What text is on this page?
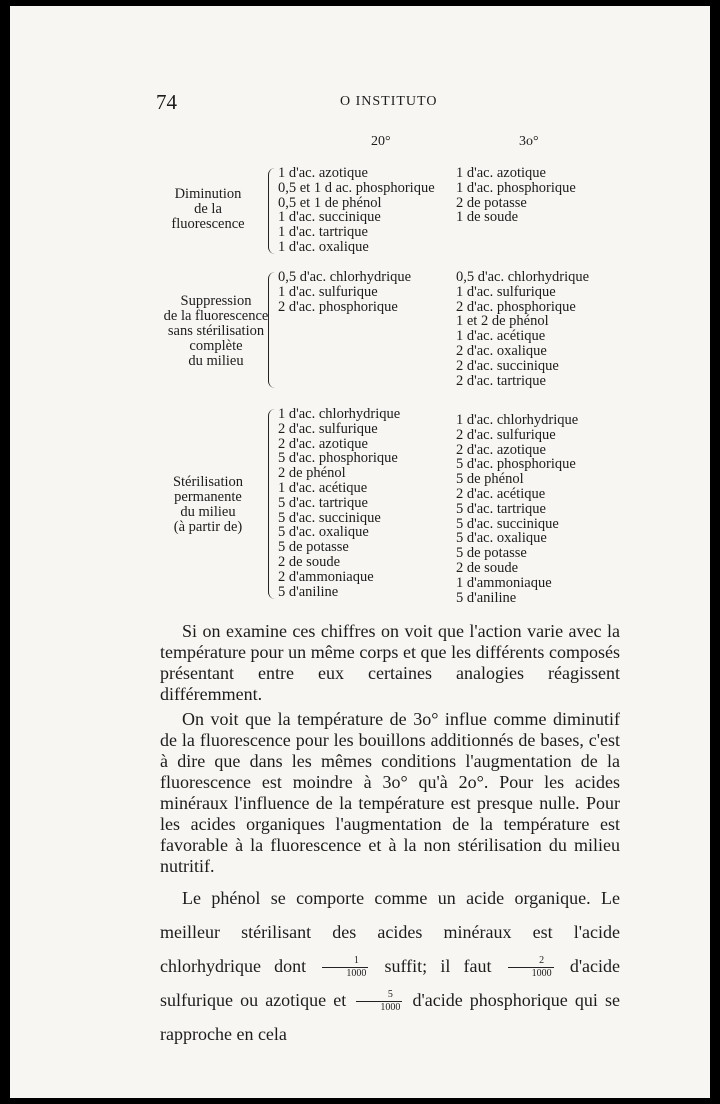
74	O INSTITUTO
20°	3o°
Diminution
de la
fluorescence
1 d'ac. azotique
0,5 et 1 d ac. phosphorique
0,5 et 1 de phénol
1 d'ac. succinique
1 d'ac. tartrique
1 d'ac. oxalique
1 d'ac. azotique
1 d'ac. phosphorique
2 de potasse
1 de soude
Suppression
de la fluorescence
sans stérilisation
complète
du milieu
0,5 d'ac. chlorhydrique
1 d'ac. sulfurique
2 d'ac. phosphorique
0,5 d'ac. chlorhydrique
1 d'ac. sulfurique
2 d'ac. phosphorique
1 et 2 de phénol
1 d'ac. acétique
2 d'ac. oxalique
2 d'ac. succinique
2 d'ac. tartrique
Stérilisation
permanente
du milieu
(à partir de)
1 d'ac. chlorhydrique
2 d'ac. sulfurique
2 d'ac. azotique
5 d'ac. phosphorique
2 de phénol
1 d'ac. acétique
5 d'ac. tartrique
5 d'ac. succinique
5 d'ac. oxalique
5 de potasse
2 de soude
2 d'ammoniaque
5 d'aniline
1 d'ac. chlorhydrique
2 d'ac. sulfurique
2 d'ac. azotique
5 d'ac. phosphorique
5 de phénol
2 d'ac. acétique
5 d'ac. tartrique
5 d'ac. succinique
5 d'ac. oxalique
5 de potasse
2 de soude
1 d'ammoniaque
5 d'aniline

Si on examine ces chiffres on voit que l'action varie avec la température pour un même corps et que les différents composés présentant entre eux certaines analogies réagissent différemment.

On voit que la température de 3o° influe comme diminutif de la fluorescence pour les bouillons additionnés de bases, c'est à dire que dans les mêmes conditions l'augmentation de la fluorescence est moindre à 3o° qu'à 2o°. Pour les acides minéraux l'influence de la température est presque nulle. Pour les acides organiques l'augmentation de la température est favorable à la fluorescence et à la non stérilisation du milieu nutritif.

Le phénol se comporte comme un acide organique. Le meilleur stérilisant des acides minéraux est l'acide chlorhydrique dont $\frac{1}{1000}$ suffit; il faut $\frac{2}{1000}$ d'acide sulfurique ou azotique et $\frac{5}{1000}$ d'acide phosphorique qui se rapproche en cela
